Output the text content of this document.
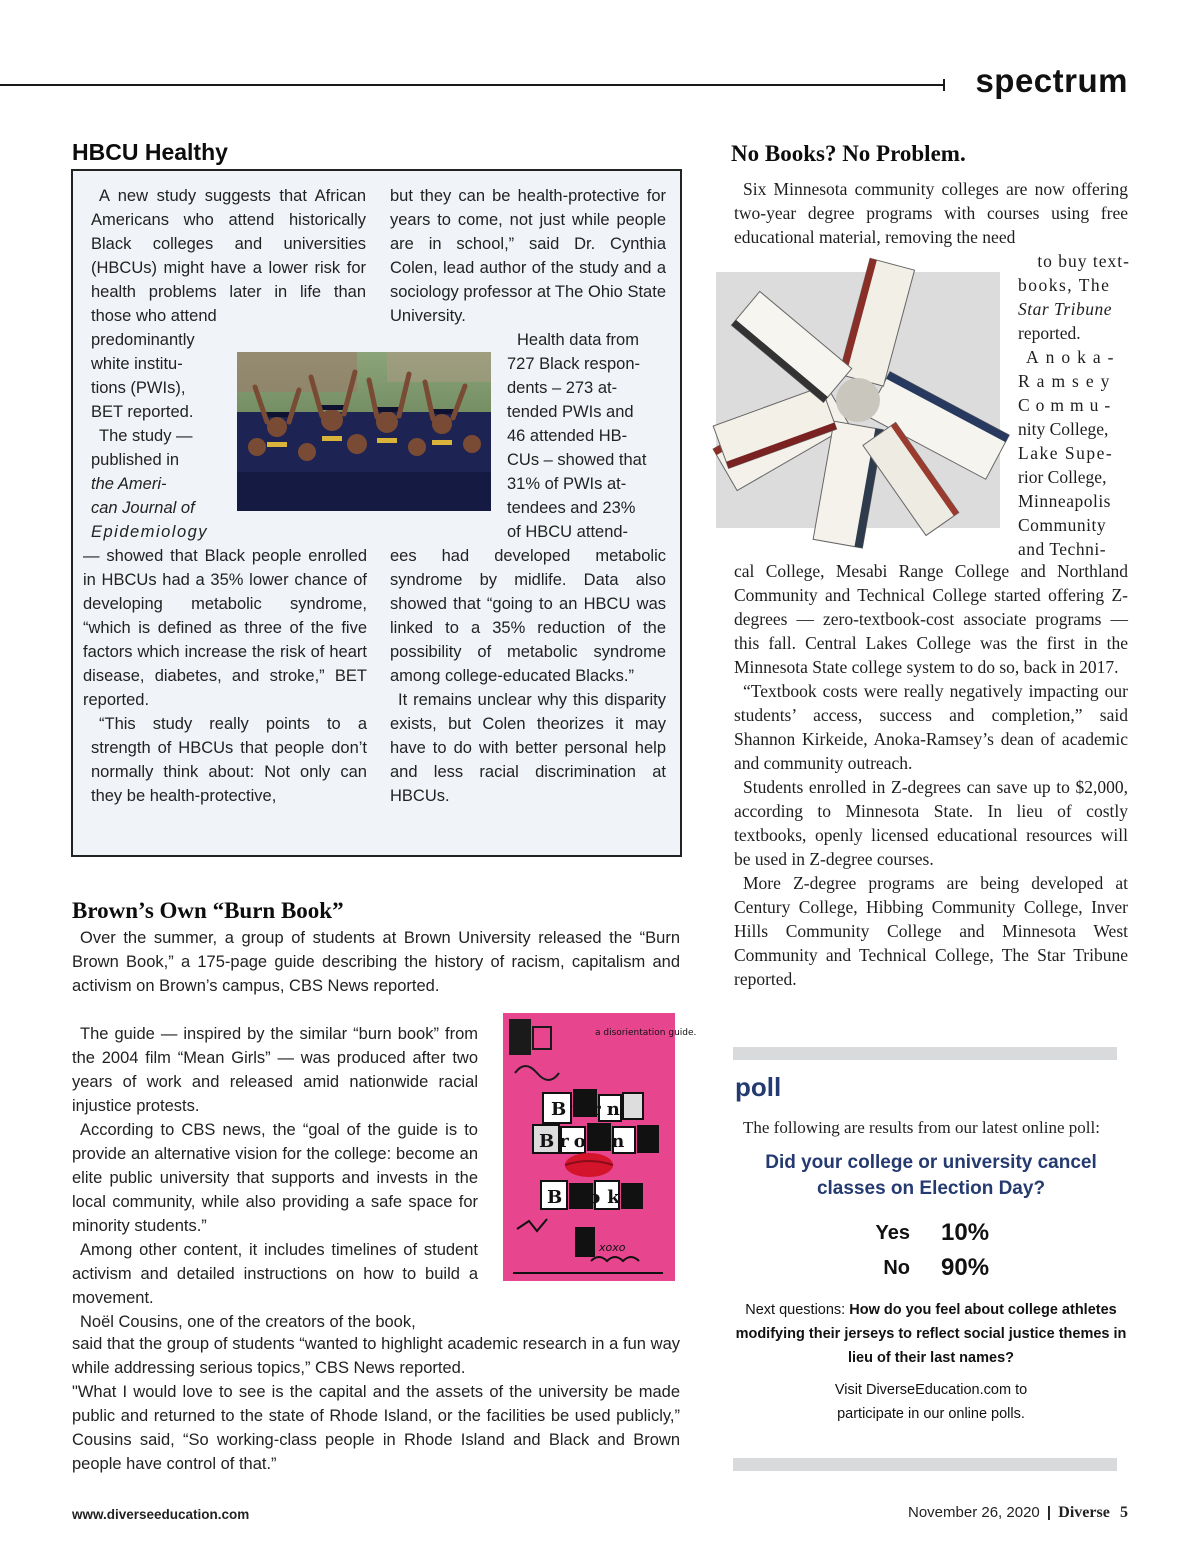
spectrum
HBCU Healthy

A new study suggests that African Americans who attend historically Black colleges and universities (HBCUs) might have a lower risk for health problems later in life than those who attend

predominantly
white institu-
tions (PWIs),
BET reported.
The study —
published in
the Ameri-
can Journal of
Epidemiology

— showed that Black people enrolled in HBCUs had a 35% lower chance of developing metabolic syndrome, “which is defined as three of the five factors which increase the risk of heart disease, diabetes, and stroke,” BET reported.

“This study really points to a strength of HBCUs that people don’t normally think about: Not only can they be health-protective,

but they can be health-protective for years to come, not just while people are in school,” said Dr. Cynthia Colen, lead author of the study and a sociology professor at The Ohio State University.

Health data from
727 Black respon-
dents – 273 at-
tended PWIs and
46 attended HB-
CUs – showed that
31% of PWIs at-
tendees and 23%
of HBCU attend-

ees had developed metabolic syndrome by midlife. Data also showed that “going to an HBCU was linked to a 35% reduction of the possibility of metabolic syndrome among college-educated Blacks.”

It remains unclear why this disparity exists, but Colen theorizes it may have to do with better personal help and less racial discrimination at HBCUs.

Brown’s Own “Burn Book”

Over the summer, a group of students at Brown University released the “Burn Brown Book,” a 175-page guide describing the history of racism, capitalism and activism on Brown’s campus, CBS News reported.

The guide — inspired by the similar “burn book” from the 2004 film “Mean Girls” — was produced after two years of work and released amid nationwide racial injustice protests.

According to CBS news, the “goal of the guide is to provide an alternative vision for the college: become an elite public university that supports and invests in the local community, while also providing a safe space for minority students.”

Among other content, it includes timelines of student activism and detailed instructions on how to build a movement.

Noël Cousins, one of the creators of the book,

said that the group of students “wanted to highlight academic research in a fun way while addressing serious topics,” CBS News reported.

"What I would love to see is the capital and the assets of the university be made public and returned to the state of Rhode Island, or the facilities be used publicly,” Cousins said, “So working-class people in Rhode Island and Black and Brown people have control of that.”

a disorientation guide.
Burn
Brown
Book
xoxo
No Books? No Problem.

Six Minnesota community colleges are now offering two-year degree programs with courses using free educational material, removing the need

to buy text-
books, The
Star Tribune
reported.
Anoka-
Ramsey
Commu-
nity College,
Lake Supe-
rior College,
Minneapolis
Community
and Techni-

cal College, Mesabi Range College and Northland Community and Technical College started offering Z-degrees — zero-textbook-cost associate programs — this fall. Central Lakes College was the first in the Minnesota State college system to do so, back in 2017.

“Textbook costs were really negatively impacting our students’ access, success and completion,” said Shannon Kirkeide, Anoka-Ramsey’s dean of academic and community outreach.

Students enrolled in Z-degrees can save up to $2,000, according to Minnesota State. In lieu of costly textbooks, openly licensed educational resources will be used in Z-degree courses.

More Z-degree programs are being developed at Century College, Hibbing Community College, Inver Hills Community College and Minnesota West Community and Technical College, The Star Tribune reported.

poll
The following are results from our latest online poll:
Did your college or university cancel classes on Election Day?
Yes 10%
No 90%
Next questions: How do you feel about college athletes modifying their jerseys to reflect social justice themes in lieu of their last names?
Visit DiverseEducation.com to participate in our online polls.
www.diverseeducation.com	November 26, 2020 | Diverse 5
